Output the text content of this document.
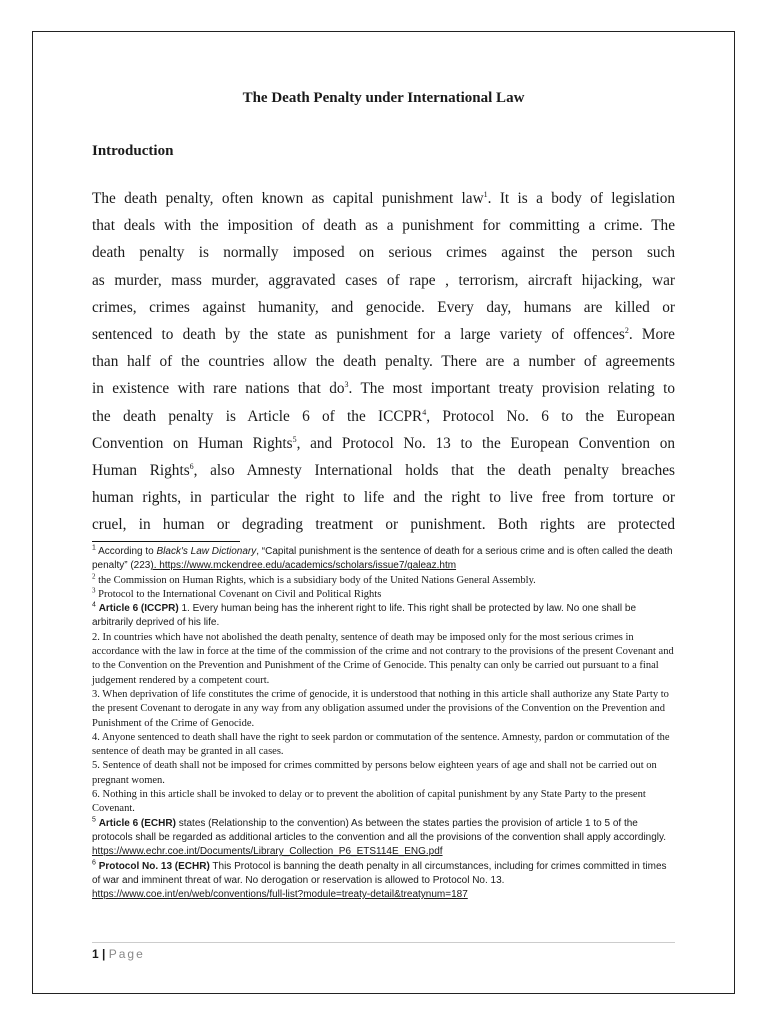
The Death Penalty under International Law
Introduction
The death penalty, often known as capital punishment law$^1$. It is a body of legislation
that deals with the imposition of death as a punishment for committing a crime. The
death penalty is normally imposed on serious crimes against the person such
as murder, mass murder, aggravated cases of rape , terrorism, aircraft hijacking, war
crimes, crimes against humanity, and genocide. Every day, humans are killed or
sentenced to death by the state as punishment for a large variety of offences$^2$. More
than half of the countries allow the death penalty. There are a number of agreements
in existence with rare nations that $do^3$. The most important treaty provision relating to
the death penalty is Article 6 of the ICCPR$^4$, Protocol No. 6 to the European
Convention on Human Rights$^5$, and Protocol No. 13 to the European Convention on
Human Rights$^6$, also Amnesty International holds that the death penalty breaches
human rights, in particular the right to life and the right to live free from torture or
cruel, in human or degrading treatment or punishment. Both rights are protected

$^1$ According to Black's Law Dictionary, “Capital punishment is the sentence of death for a serious crime and is often called the death penalty” (223). https://www.mckendree.edu/academics/scholars/issue7/galeaz.htm

$^2$ the Commission on Human Rights, which is a subsidiary body of the United Nations General Assembly.

$^3$ Protocol to the International Covenant on Civil and Political Rights

$^4$ Article 6 (ICCPR) 1. Every human being has the inherent right to life. This right shall be protected by law. No one shall be arbitrarily deprived of his life.

2. In countries which have not abolished the death penalty, sentence of death may be imposed only for the most serious crimes in accordance with the law in force at the time of the commission of the crime and not contrary to the provisions of the present Covenant and to the Convention on the Prevention and Punishment of the Crime of Genocide. This penalty can only be carried out pursuant to a final judgement rendered by a competent court.

3. When deprivation of life constitutes the crime of genocide, it is understood that nothing in this article shall authorize any State Party to the present Covenant to derogate in any way from any obligation assumed under the provisions of the Convention on the Prevention and Punishment of the Crime of Genocide.

4. Anyone sentenced to death shall have the right to seek pardon or commutation of the sentence. Amnesty, pardon or commutation of the sentence of death may be granted in all cases.

5. Sentence of death shall not be imposed for crimes committed by persons below eighteen years of age and shall not be carried out on pregnant women.

6. Nothing in this article shall be invoked to delay or to prevent the abolition of capital punishment by any State Party to the present Covenant.

$^5$ Article 6 (ECHR) states (Relationship to the convention) As between the states parties the provision of article 1 to 5 of the protocols shall be regarded as additional articles to the convention and all the provisions of the convention shall apply accordingly.
https://www.echr.coe.int/Documents/Library_Collection_P6_ETS114E_ENG.pdf

$^6$ Protocol No. 13 (ECHR) This Protocol is banning the death penalty in all circumstances, including for crimes committed in times of war and imminent threat of war. No derogation or reservation is allowed to Protocol No. 13. https://www.coe.int/en/web/conventions/full-list?module=treaty-detail&treatynum=187

1 | Page
